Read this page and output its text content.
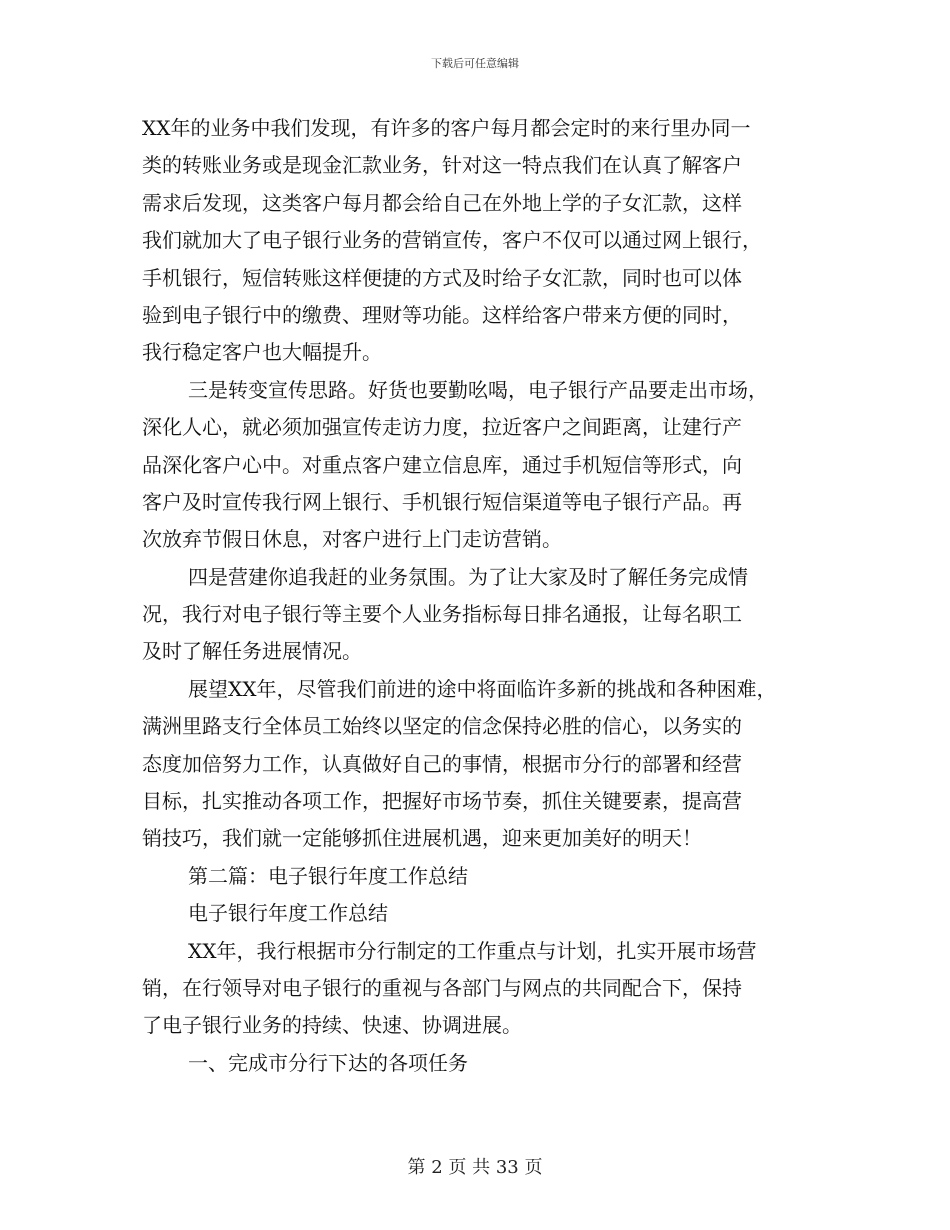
下载后可任意编辑
XX年的业务中我们发现，有许多的客户每月都会定时的来行里办同一
类的转账业务或是现金汇款业务，针对这一特点我们在认真了解客户
需求后发现，这类客户每月都会给自己在外地上学的子女汇款，这样
我们就加大了电子银行业务的营销宣传，客户不仅可以通过网上银行，
手机银行，短信转账这样便捷的方式及时给子女汇款，同时也可以体
验到电子银行中的缴费、理财等功能。这样给客户带来方便的同时，
我行稳定客户也大幅提升。
三是转变宣传思路。好货也要勤吆喝，电子银行产品要走出市场，
深化人心，就必须加强宣传走访力度，拉近客户之间距离，让建行产
品深化客户心中。对重点客户建立信息库，通过手机短信等形式，向
客户及时宣传我行网上银行、手机银行短信渠道等电子银行产品。再
次放弃节假日休息，对客户进行上门走访营销。
四是营建你追我赶的业务氛围。为了让大家及时了解任务完成情
况，我行对电子银行等主要个人业务指标每日排名通报，让每名职工
及时了解任务进展情况。
展望XX年，尽管我们前进的途中将面临许多新的挑战和各种困难，
满洲里路支行全体员工始终以坚定的信念保持必胜的信心，以务实的
态度加倍努力工作，认真做好自己的事情，根据市分行的部署和经营
目标，扎实推动各项工作，把握好市场节奏，抓住关键要素，提高营
销技巧，我们就一定能够抓住进展机遇，迎来更加美好的明天！
第二篇：电子银行年度工作总结
电子银行年度工作总结
XX年，我行根据市分行制定的工作重点与计划，扎实开展市场营
销，在行领导对电子银行的重视与各部门与网点的共同配合下，保持
了电子银行业务的持续、快速、协调进展。
一、完成市分行下达的各项任务
第 2 页 共 33 页
